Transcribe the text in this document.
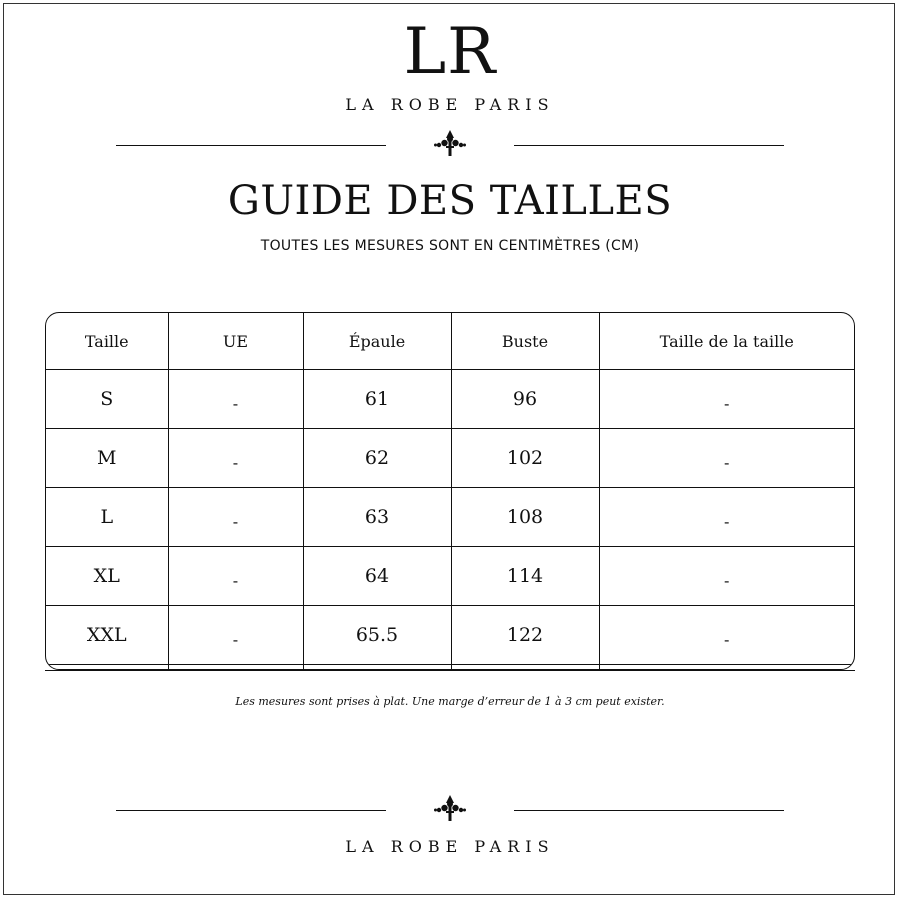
LR
LA ROBE PARIS
GUIDE DES TAILLES
TOUTES LES MESURES SONT EN CENTIMÈTRES (CM)
Taille	UE	Épaule	Buste	Taille de la taille
S	-	61	96	-
M	-	62	102	-
L	-	63	108	-
XL	-	64	114	-
XXL	-	65.5	122	-

Les mesures sont prises à plat. Une marge d’erreur de 1 à 3 cm peut exister.
LA ROBE PARIS
